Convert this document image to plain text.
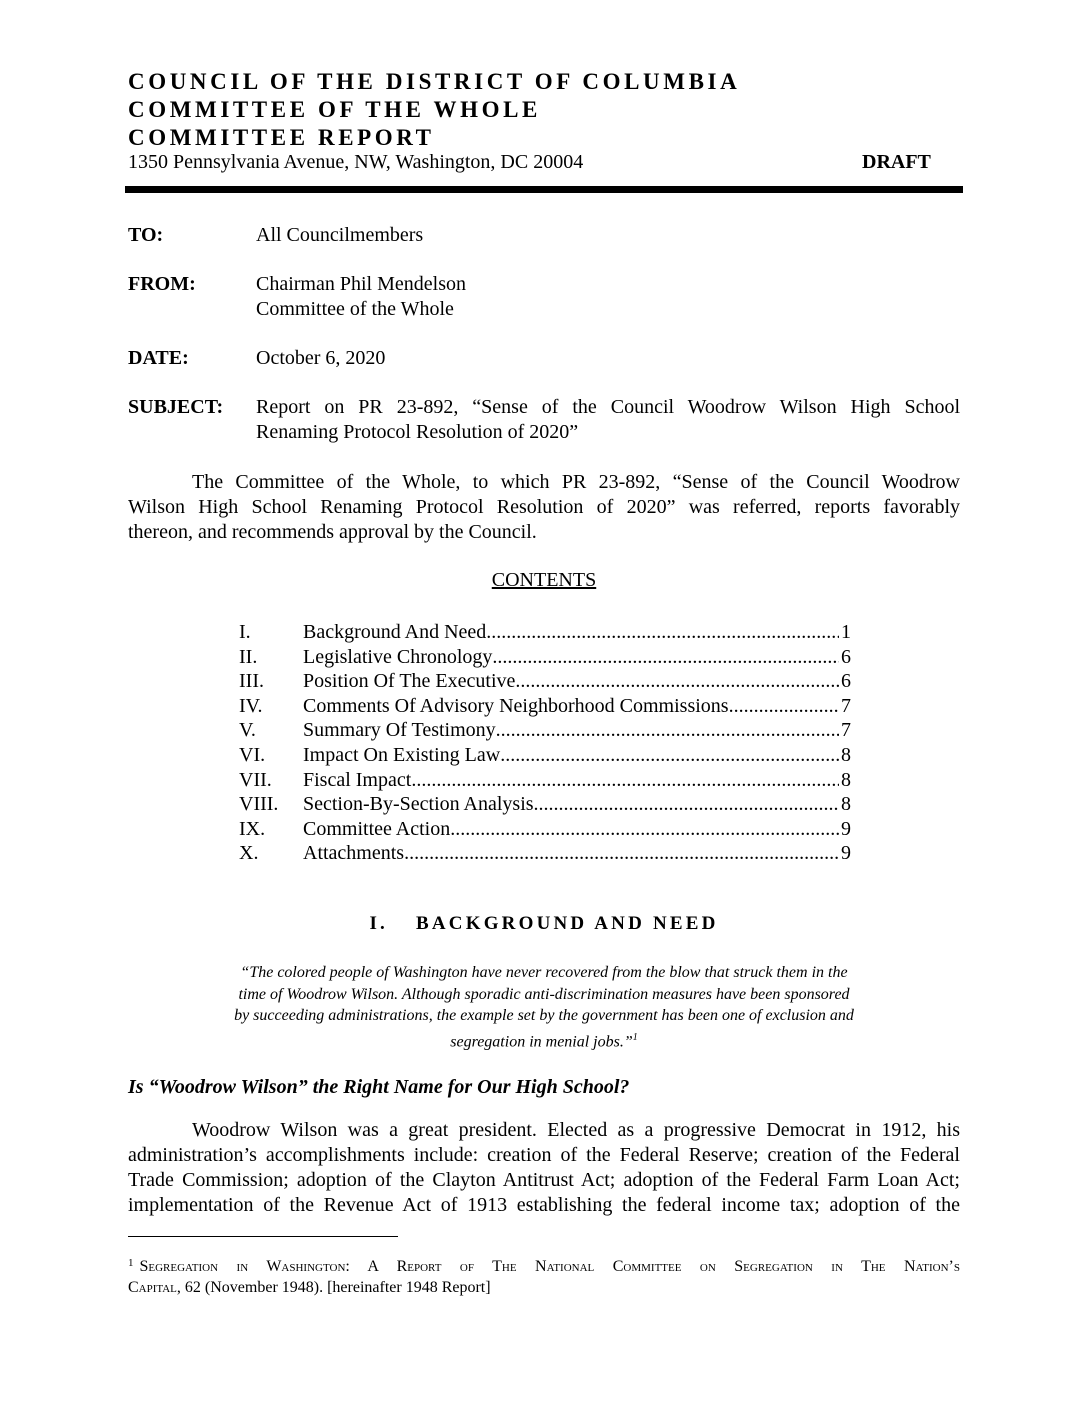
COUNCIL OF THE DISTRICT OF COLUMBIA
COMMITTEE OF THE WHOLE
COMMITTEE REPORT
1350 Pennsylvania Avenue, NW, Washington, DC 20004	DRAFT
TO:	All Councilmembers
FROM:	Chairman Phil Mendelson
Committee of the Whole
DATE:	October 6, 2020
SUBJECT: Report on PR 23-892, “Sense of the Council Woodrow Wilson High School
Renaming Protocol Resolution of 2020”
The Committee of the Whole, to which PR 23-892, “Sense of the Council Woodrow
Wilson High School Renaming Protocol Resolution of 2020” was referred, reports favorably
thereon, and recommends approval by the Council.
CONTENTS
I.	Background And Need .....	1
II.	Legislative Chronology .....	6
III.	Position Of The Executive .....	6
IV.	Comments Of Advisory Neighborhood Commissions .....	7
V.	Summary Of Testimony .....	7
VI.	Impact On Existing Law .....	8
VII.	Fiscal Impact .....	8
VIII.	Section-By-Section Analysis .....	8
IX.	Committee Action .....	9
X.	Attachments .....	9
I. BACKGROUND AND NEED
“The colored people of Washington have never recovered from the blow that struck them in the
time of Woodrow Wilson. Although sporadic anti-discrimination measures have been sponsored
by succeeding administrations, the example set by the government has been one of exclusion and
segregation in menial jobs.”$^1$
Is “Woodrow Wilson” the Right Name for Our High School?
Woodrow Wilson was a great president. Elected as a progressive Democrat in 1912, his
administration’s accomplishments include: creation of the Federal Reserve; creation of the Federal
Trade Commission; adoption of the Clayton Antitrust Act; adoption of the Federal Farm Loan Act;
implementation of the Revenue Act of 1913 establishing the federal income tax; adoption of the
$^1$ Segregation in Washington: A Report of The National Committee on Segregation in The Nation’s
Capital, 62 (November 1948). [hereinafter 1948 Report]
